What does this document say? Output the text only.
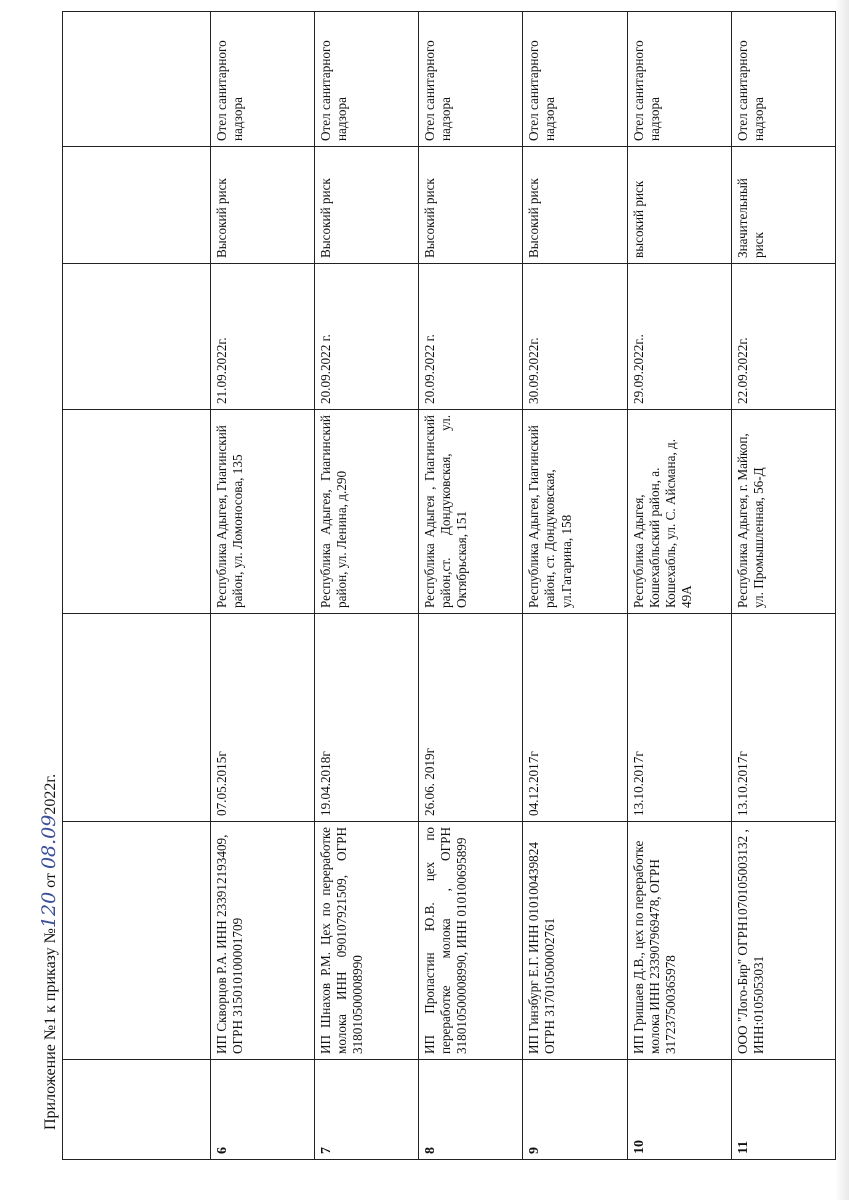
Приложение №1 к приказу №120 от 08.092022г.

6	ИП Скворцов Р.А. ИНН 233912193409, ОГРН 315010100001709	07.05.2015г	Республика Адыгея, Гиагинский район, ул. Ломоносова, 135	21.09.2022г.	Высокий риск	Отел санитарного надзора
7	ИП Шнахов Р.М. Цех по переработке молока ИНН 090107921509, ОГРН 318010500008990	19.04.2018г	Республика Адыгея, Гиагинский район, ул. Ленина, д.290	20.09.2022 г.	Высокий риск	Отел санитарного надзора
8	ИП Пропастин Ю.В. цех по переработке молока , ОГРН 318010500008990, ИНН 010100695899	26.06. 2019г	Республика Адыгея , Гиагинский район,ст. Дондуковская, ул. Октябрьская, 151	20.09.2022 г.	Высокий риск	Отел санитарного надзора
9	ИП Гинзбург Е.Г. ИНН 010100439824 ОГРН 317010500002761	04.12.2017г	Республика Адыгея, Гиагинский район, ст. Дондуковская, ул.Гагарина, 158	30.09.2022г.	Высокий риск	Отел санитарного надзора
10	ИП Гришаев Д.В., цех по переработке молока ИНН 233907969478, ОГРН 317237500365978	13.10.2017г	Республика Адыгея, Кошехабльский район, а. Кошехабль, ул. С. Айсмана, д. 49А	29.09.2022г..	высокий риск	Отел санитарного надзора
11	ООО "Лого-Бир" ОГРН1070105003132 , ИНН:0105053031	13.10.2017г	Республика Адыгея, г. Майкоп, ул. Промышленная, 56-Д	22.09.2022г.	Значительный риск	Отел санитарного надзора
